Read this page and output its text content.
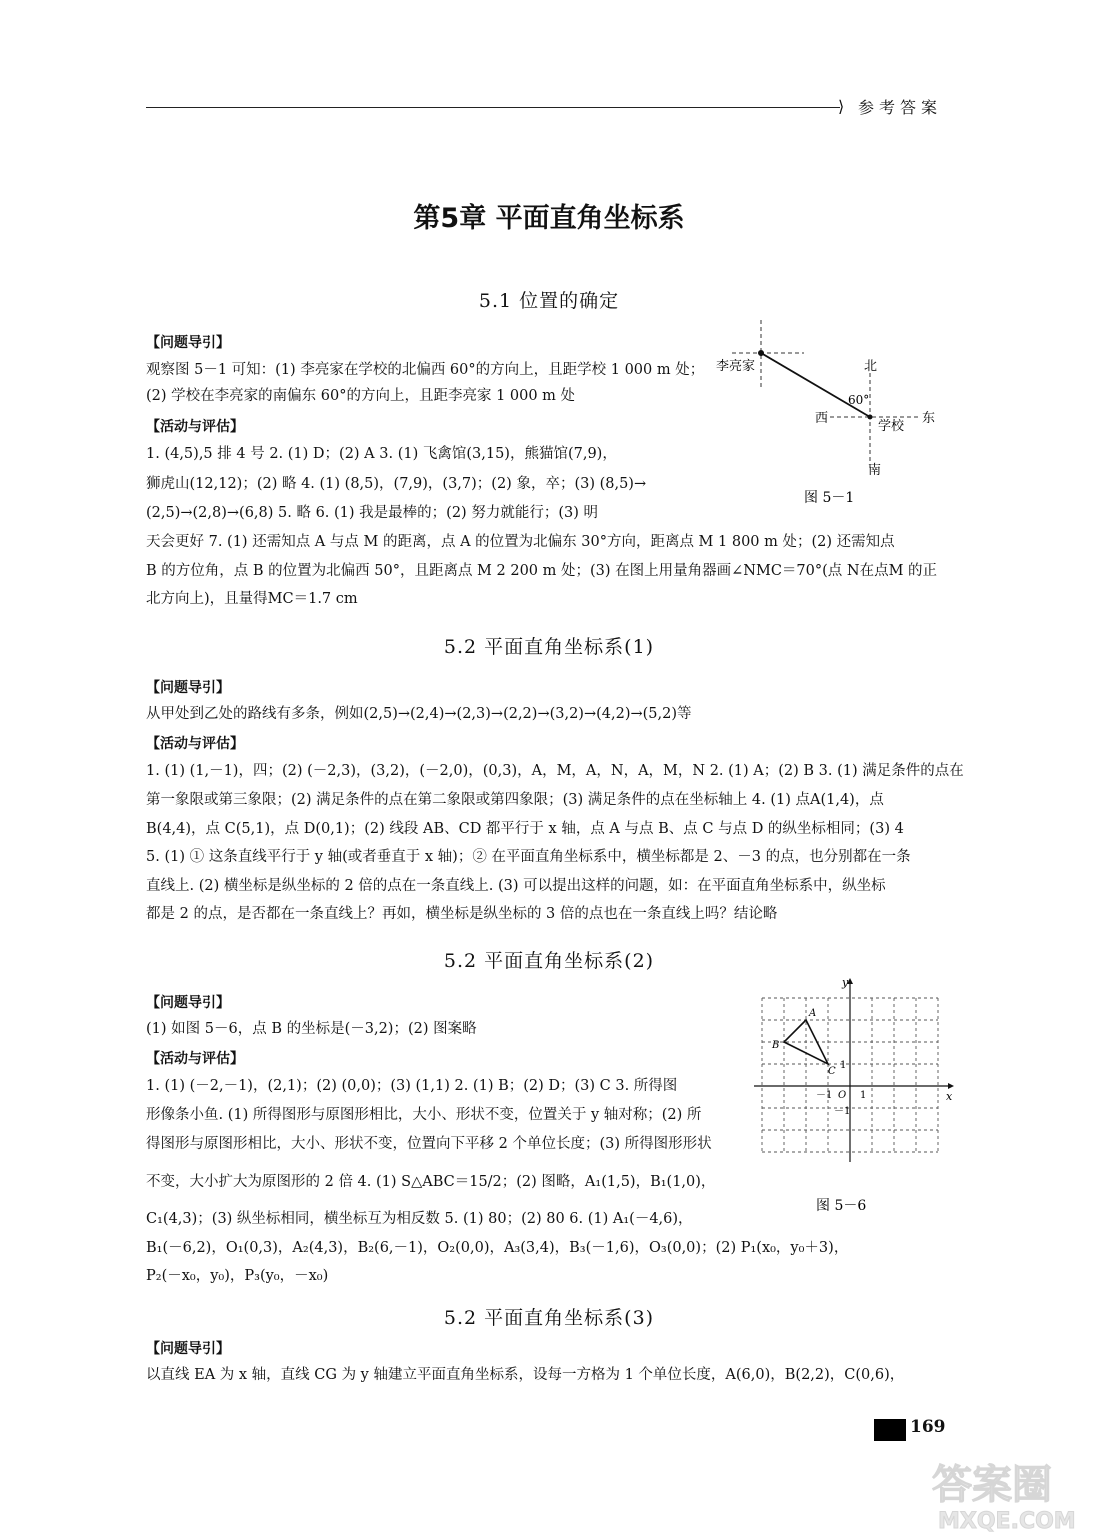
⟩ 参考答案
第5章 平面直角坐标系
5.1 位置的确定
【问题导引】
观察图 5－1 可知：(1) 李亮家在学校的北偏西 60°的方向上，且距学校 1 000 m 处；
(2) 学校在李亮家的南偏东 60°的方向上，且距李亮家 1 000 m 处
【活动与评估】
1. (4,5),5 排 4 号 2. (1) D；(2) A 3. (1) 飞禽馆(3,15)，熊猫馆(7,9)，
狮虎山(12,12)；(2) 略 4. (1) (8,5)，(7,9)，(3,7)；(2) 象，卒；(3) (8,5)→
(2,5)→(2,8)→(6,8) 5. 略 6. (1) 我是最棒的；(2) 努力就能行；(3) 明
天会更好 7. (1) 还需知点 A 与点 M 的距离，点 A 的位置为北偏东 30°方向，距离点 M 1 800 m 处；(2) 还需知点
B 的方位角，点 B 的位置为北偏西 50°，且距离点 M 2 200 m 处；(3) 在图上用量角器画∠NMC＝70°(点 N在点M 的正
北方向上)，且量得MC＝1.7 cm
李亮家	北
60°
西
学校
东
南
图 5－1
5.2 平面直角坐标系(1)
【问题导引】
从甲处到乙处的路线有多条，例如(2,5)→(2,4)→(2,3)→(2,2)→(3,2)→(4,2)→(5,2)等
【活动与评估】
1. (1) (1,－1)，四；(2) (－2,3)，(3,2)，(－2,0)，(0,3)，A，M，A，N，A，M，N 2. (1) A；(2) B 3. (1) 满足条件的点在
第一象限或第三象限；(2) 满足条件的点在第二象限或第四象限；(3) 满足条件的点在坐标轴上 4. (1) 点A(1,4)，点
B(4,4)，点 C(5,1)，点 D(0,1)；(2) 线段 AB、CD 都平行于 x 轴，点 A 与点 B、点 C 与点 D 的纵坐标相同；(3) 4
5. (1) ① 这条直线平行于 y 轴(或者垂直于 x 轴)；② 在平面直角坐标系中，横坐标都是 2、－3 的点，也分别都在一条
直线上. (2) 横坐标是纵坐标的 2 倍的点在一条直线上. (3) 可以提出这样的问题，如：在平面直角坐标系中，纵坐标
都是 2 的点，是否都在一条直线上？再如，横坐标是纵坐标的 3 倍的点也在一条直线上吗？结论略
5.2 平面直角坐标系(2)
【问题导引】
(1) 如图 5－6，点 B 的坐标是(－3,2)；(2) 图案略
【活动与评估】
1. (1) (－2,－1)，(2,1)；(2) (0,0)；(3) (1,1) 2. (1) B；(2) D；(3) C 3. 所得图
形像条小鱼. (1) 所得图形与原图形相比，大小、形状不变，位置关于 y 轴对称；(2) 所
得图形与原图形相比，大小、形状不变，位置向下平移 2 个单位长度；(3) 所得图形形状
不变，大小扩大为原图形的 2 倍 4. (1) S△ABC＝15/2；(2) 图略，A₁(1,5)，B₁(1,0)，
C₁(4,3)；(3) 纵坐标相同，横坐标互为相反数 5. (1) 80；(2) 80 6. (1) A₁(－4,6)，
B₁(－6,2)，O₁(0,3)，A₂(4,3)，B₂(6,－1)，O₂(0,0)，A₃(3,4)，B₃(－1,6)，O₃(0,0)；(2) P₁(x₀，y₀＋3)，
P₂(－x₀，y₀)，P₃(y₀，－x₀)
y
x
O 1
－1
1
－1
A
B
C
图 5－6
5.2 平面直角坐标系(3)
【问题导引】
以直线 EA 为 x 轴，直线 CG 为 y 轴建立平面直角坐标系，设每一方格为 1 个单位长度，A(6,0)，B(2,2)，C(0,6)，
169
答案圈
MXQE.COM
